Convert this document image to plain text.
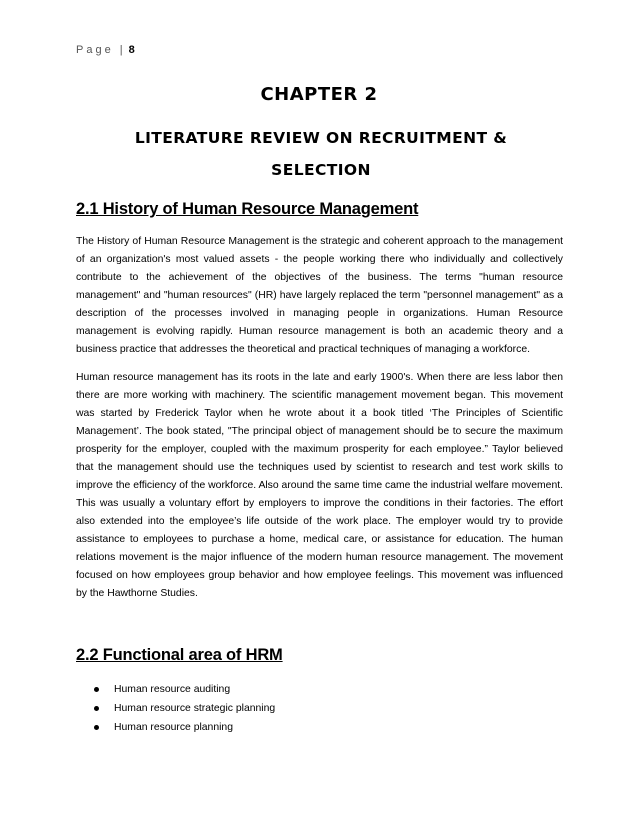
Page | 8
CHAPTER 2
LITERATURE REVIEW ON RECRUITMENT & SELECTION
2.1 History of Human Resource Management

The History of Human Resource Management is the strategic and coherent approach to the management of an organization's most valued assets - the people working there who individually and collectively contribute to the achievement of the objectives of the business. The terms "human resource management" and "human resources" (HR) have largely replaced the term "personnel management" as a description of the processes involved in managing people in organizations. Human Resource management is evolving rapidly. Human resource management is both an academic theory and a business practice that addresses the theoretical and practical techniques of managing a workforce.

Human resource management has its roots in the late and early 1900's. When there are less labor then there are more working with machinery. The scientific management movement began. This movement was started by Frederick Taylor when he wrote about it a book titled ‘The Principles of Scientific Management’. The book stated, "The principal object of management should be to secure the maximum prosperity for the employer, coupled with the maximum prosperity for each employee.” Taylor believed that the management should use the techniques used by scientist to research and test work skills to improve the efficiency of the workforce. Also around the same time came the industrial welfare movement. This was usually a voluntary effort by employers to improve the conditions in their factories. The effort also extended into the employee’s life outside of the work place. The employer would try to provide assistance to employees to purchase a home, medical care, or assistance for education. The human relations movement is the major influence of the modern human resource management. The movement focused on how employees group behavior and how employee feelings. This movement was influenced by the Hawthorne Studies.

2.2 Functional area of HRM
Human resource auditing
Human resource strategic planning
Human resource planning
